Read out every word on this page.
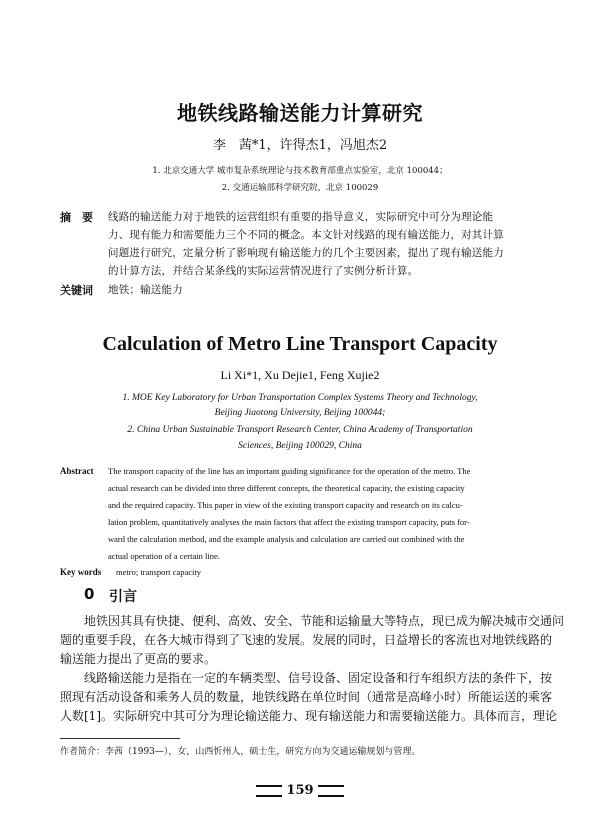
地铁线路输送能力计算研究
李　茜*1，许得杰1，冯旭杰2
1. 北京交通大学 城市复杂系统理论与技术教育部重点实验室，北京 100044；
2. 交通运输部科学研究院，北京 100029
摘　要 线路的输送能力对于地铁的运营组织有重要的指导意义，实际研究中可分为理论能
力、现有能力和需要能力三个不同的概念。本文针对线路的现有输送能力，对其计算
问题进行研究，定量分析了影响现有输送能力的几个主要因素，提出了现有输送能力
的计算方法，并结合某条线的实际运营情况进行了实例分析计算。
关键词 地铁；输送能力
Calculation of Metro Line Transport Capacity
Li Xi*1, Xu Dejie1, Feng Xujie2
1. MOE Key Laboratory for Urban Transportation Complex Systems Theory and Technology,
Beijing Jiaotong University, Beijing 100044;
2. China Urban Sustainable Transport Research Center, China Academy of Transportation
Sciences, Beijing 100029, China
Abstract The transport capacity of the line has an important guiding significance for the operation of the metro. The
actual research can be divided into three different concepts, the theoretical capacity, the existing capacity
and the required capacity. This paper in view of the existing transport capacity and research on its calcu-
lation problem, quantitatively analyses the main factors that affect the existing transport capacity, puts for-
ward the calculation method, and the example analysis and calculation are carried out combined with the
actual operation of a certain line.
Key words metro; transport capacity
0 引言
　　地铁因其具有快捷、便利、高效、安全、节能和运输量大等特点，现已成为解决城市交通问
题的重要手段，在各大城市得到了飞速的发展。发展的同时，日益增长的客流也对地铁线路的
输送能力提出了更高的要求。
　　线路输送能力是指在一定的车辆类型、信号设备、固定设备和行车组织方法的条件下，按
照现有活动设备和乘务人员的数量，地铁线路在单位时间（通常是高峰小时）所能运送的乘客
人数[1]。实际研究中其可分为理论输送能力、现有输送能力和需要输送能力。具体而言，理论
作者简介：李茜（1993—），女，山西忻州人，硕士生，研究方向为交通运输规划与管理。
159
